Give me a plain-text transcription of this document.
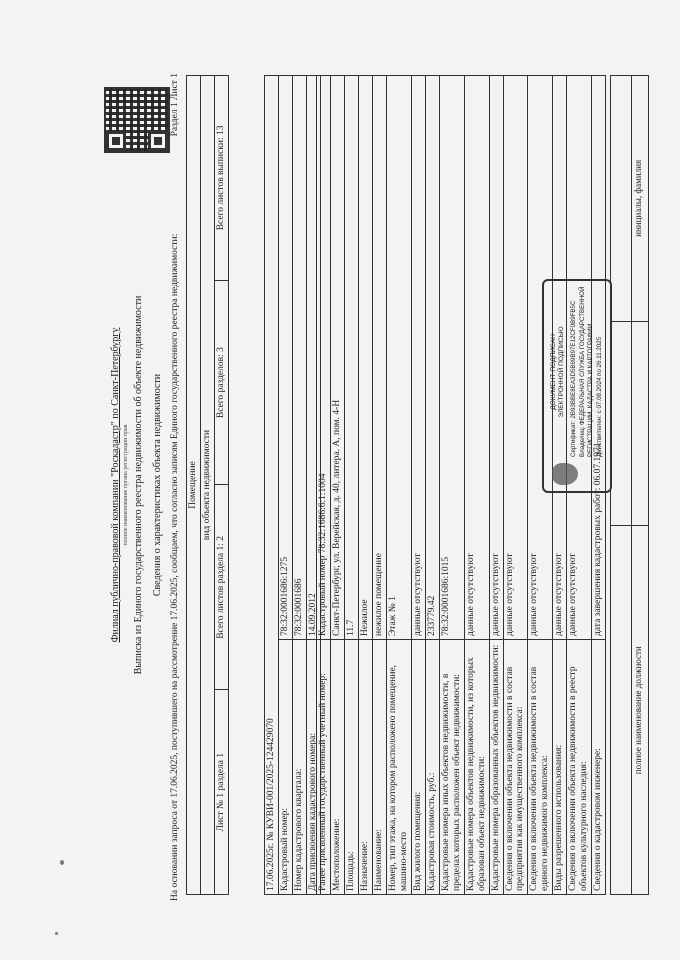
Филиал публично-правовой компании "Роскадастр" по Санкт-Петербургу полное наименование органа регистрации прав Выписка из Единого государственного реестра недвижимости об объекте недвижимости Сведения о характеристиках объекта недвижимости На основании запроса от 17.06.2025, поступившего на рассмотрение 17.06.2025, сообщаем, что согласно записям Единого государственного реестра недвижимости:
Раздел 1 Лист 1
Помещение
вид объекта недвижимости
Лист № 1 раздела 1	Всего листов раздела 1: 2	Всего разделов: 3	Всего листов выписки: 13
17.06.2025г. № КУВИ-001/2025-124429070	
Кадастровый номер:	78:32:0001686:1275
Номер кадастрового квартала:	78:32:0001686
Дата присвоения кадастрового номера:	14.09.2012
Ранее присвоенный государственный учетный номер:	Кадастровый номер 78:32:1686:6:1:1004
Местоположение:	Санкт-Петербург, ул. Верейская, д. 40, литера. А, пом. 4-Н
Площадь:	11.7
Назначение:	Нежилое
Наименование:	нежилое помещение
Номер, тип этажа, на котором расположено помещение, машино-место	Этаж № 1
Вид жилого помещения:	данные отсутствуют
Кадастровая стоимость, руб.:	233779.42
Кадастровые номера иных объектов недвижимости, в пределах которых расположен объект недвижимости:	78:32:0001686:1015
Кадастровые номера объектов недвижимости, из которых образован объект недвижимости:	данные отсутствуют
Кадастровые номера образованных объектов недвижимости:	данные отсутствуют
Сведения о включении объекта недвижимости в состав предприятия как имущественного комплекса:	данные отсутствуют
Сведения о включении объекта недвижимости в состав единого недвижимого комплекса:	данные отсутствуют
Виды разрешенного использования:	данные отсутствуют
Сведения о включении объекта недвижимости в реестр объектов культурного наследия:	данные отсутствуют
Сведения о кадастровом инженере:	дата завершения кадастровых работ: 06.07.1971
ДОКУМЕНТ ПОДПИСАН ЭЛЕКТРОННОЙ ПОДПИСЬЮ Сертификат: 2B93BBE8EA3D5B69B97E12CF0B9FB5C Владелец: ФЕДЕРАЛЬНАЯ СЛУЖБА ГОСУДАРСТВЕННОЙ РЕГИСТРАЦИИ, КАДАСТРА И КАРТОГРАФИИ Действителен: с 07.08.2024 по 26.11.2025

полное наименование должности		инициалы, фамилия
